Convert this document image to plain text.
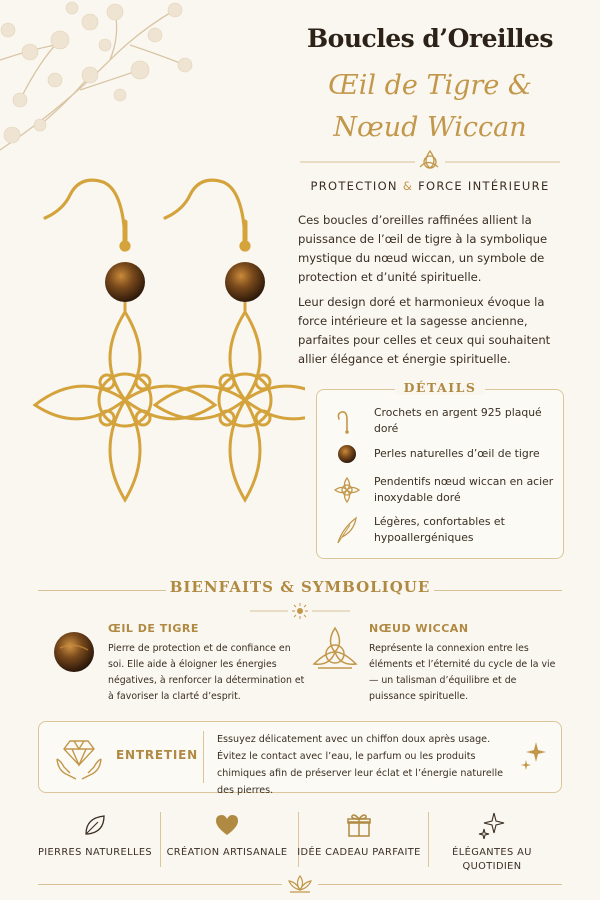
Boucles d’Oreilles
Œil de Tigre &
Nœud Wiccan
PROTECTION & FORCE INTÉRIEURE

Ces boucles d’oreilles raffinées allient la puissance de l’œil de tigre à la symbolique mystique du nœud wiccan, un symbole de protection et d’unité spirituelle.

Leur design doré et harmonieux évoque la force intérieure et la sagesse ancienne, parfaites pour celles et ceux qui souhaitent allier élégance et énergie spirituelle.

DÉTAILS
Crochets en argent 925 plaqué doré
Perles naturelles d’œil de tigre
Pendentifs nœud wiccan en acier inoxydable doré
Légères, confortables et hypoallergéniques
BIENFAITS & SYMBOLIQUE
ŒIL DE TIGRE
Pierre de protection et de confiance en soi. Elle aide à éloigner les énergies négatives, à renforcer la détermination et à favoriser la clarté d’esprit.
NŒUD WICCAN
Représente la connexion entre les éléments et l’éternité du cycle de la vie — un talisman d’équilibre et de puissance spirituelle.
ENTRETIEN
Essuyez délicatement avec un chiffon doux après usage. Évitez le contact avec l’eau, le parfum ou les produits chimiques afin de préserver leur éclat et l’énergie naturelle des pierres.
PIERRES NATURELLES	CRÉATION ARTISANALE	IDÉE CADEAU PARFAITE	ÉLÉGANTES AU QUOTIDIEN
